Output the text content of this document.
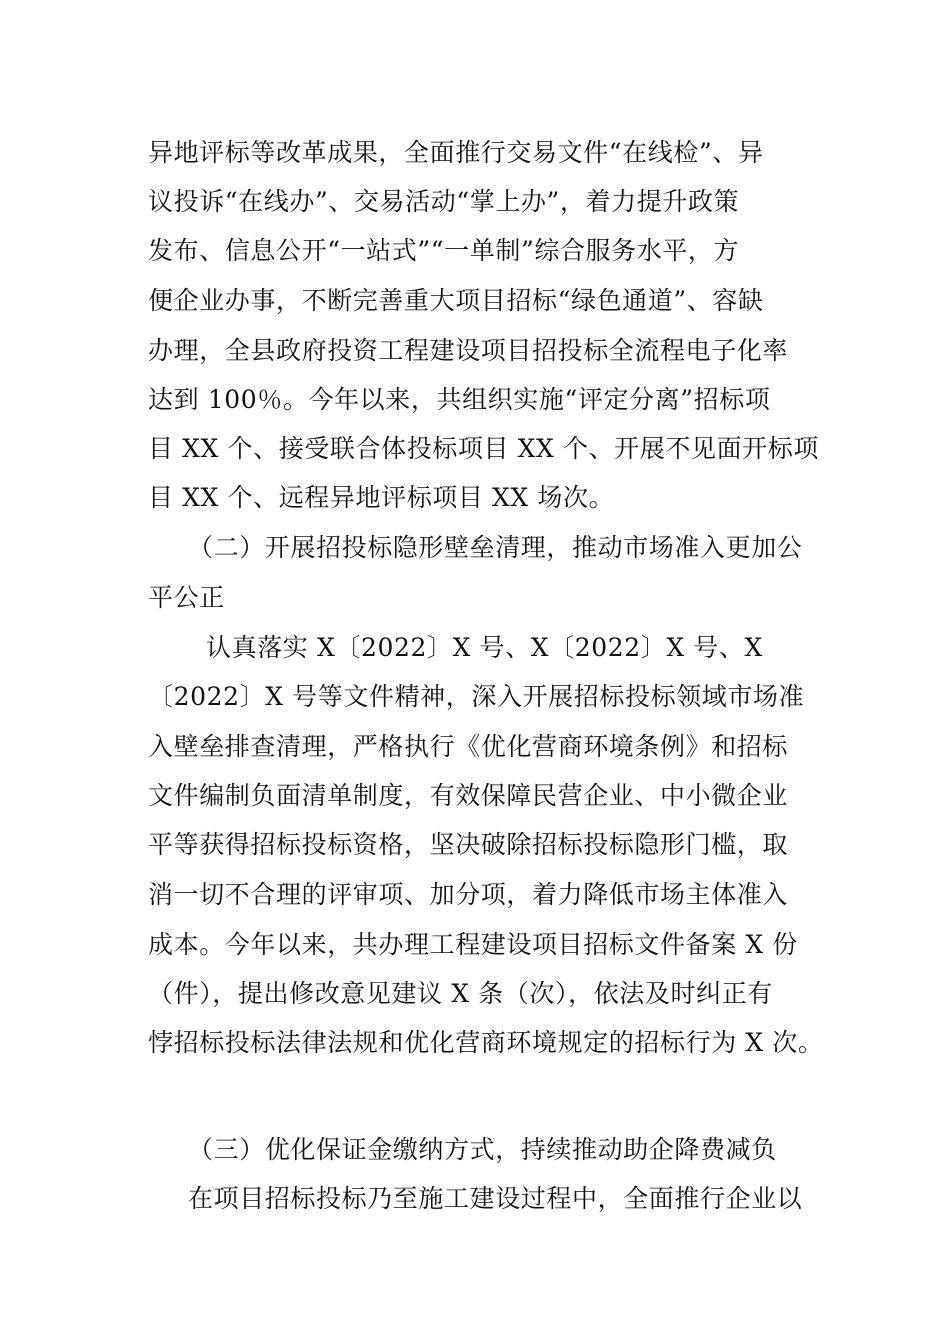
异地评标等改革成果，全面推行交易文件“在线检”、异
议投诉“在线办”、交易活动“掌上办”，着力提升政策
发布、信息公开“一站式”“一单制”综合服务水平，方
便企业办事，不断完善重大项目招标“绿色通道”、容缺
办理，全县政府投资工程建设项目招投标全流程电子化率
达到 100％。今年以来，共组织实施“评定分离”招标项
目 XX 个、接受联合体投标项目 XX 个、开展不见面开标项
目 XX 个、远程异地评标项目 XX 场次。
（二）开展招投标隐形壁垒清理，推动市场准入更加公
平公正
认真落实 X〔2022〕X 号、X〔2022〕X 号、X
〔2022〕X 号等文件精神，深入开展招标投标领域市场准
入壁垒排查清理，严格执行《优化营商环境条例》和招标
文件编制负面清单制度，有效保障民营企业、中小微企业
平等获得招标投标资格，坚决破除招标投标隐形门槛，取
消一切不合理的评审项、加分项，着力降低市场主体准入
成本。今年以来，共办理工程建设项目招标文件备案 X 份
（件），提出修改意见建议 X 条（次），依法及时纠正有
悖招标投标法律法规和优化营商环境规定的招标行为 X 次。
（三）优化保证金缴纳方式，持续推动助企降费减负
在项目招标投标乃至施工建设过程中，全面推行企业以
